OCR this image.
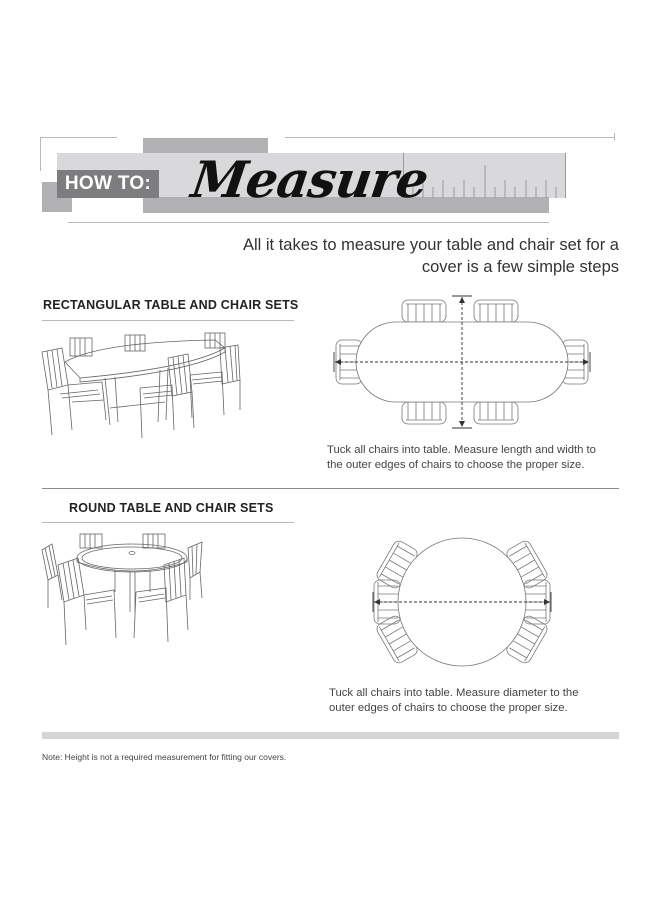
HOW TO: Measure
All it takes to measure your table and chair set for a
cover is a few simple steps
RECTANGULAR TABLE AND CHAIR SETS
Tuck all chairs into table. Measure length and width to
the outer edges of chairs to choose the proper size.
ROUND TABLE AND CHAIR SETS
Tuck all chairs into table. Measure diameter to the
outer edges of chairs to choose the proper size.
Note: Height is not a required measurement for fitting our covers.
